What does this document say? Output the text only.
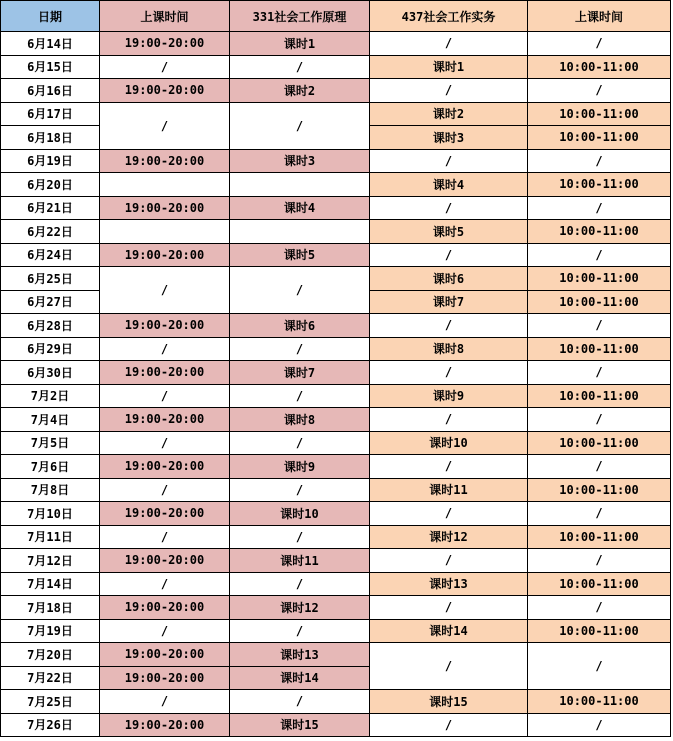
日期	上课时间	331社会工作原理	437社会工作实务	上课时间
6月14日	19:00-20:00	课时1	/	/
6月15日	/	/	课时1	10:00-11:00
6月16日	19:00-20:00	课时2	/	/
6月17日	/	/	课时2	10:00-11:00
6月18日			课时3	10:00-11:00
6月19日	19:00-20:00	课时3	/	/
6月20日			课时4	10:00-11:00
6月21日	19:00-20:00	课时4	/	/
6月22日			课时5	10:00-11:00
6月24日	19:00-20:00	课时5	/	/
6月25日	/	/	课时6	10:00-11:00
6月27日			课时7	10:00-11:00
6月28日	19:00-20:00	课时6	/	/
6月29日	/	/	课时8	10:00-11:00
6月30日	19:00-20:00	课时7	/	/
7月2日	/	/	课时9	10:00-11:00
7月4日	19:00-20:00	课时8	/	/
7月5日	/	/	课时10	10:00-11:00
7月6日	19:00-20:00	课时9	/	/
7月8日	/	/	课时11	10:00-11:00
7月10日	19:00-20:00	课时10	/	/
7月11日	/	/	课时12	10:00-11:00
7月12日	19:00-20:00	课时11	/	/
7月14日	/	/	课时13	10:00-11:00
7月18日	19:00-20:00	课时12	/	/
7月19日	/	/	课时14	10:00-11:00
7月20日	19:00-20:00	课时13	/	/
7月22日	19:00-20:00	课时14		
7月25日	/	/	课时15	10:00-11:00
7月26日	19:00-20:00	课时15	/	/
